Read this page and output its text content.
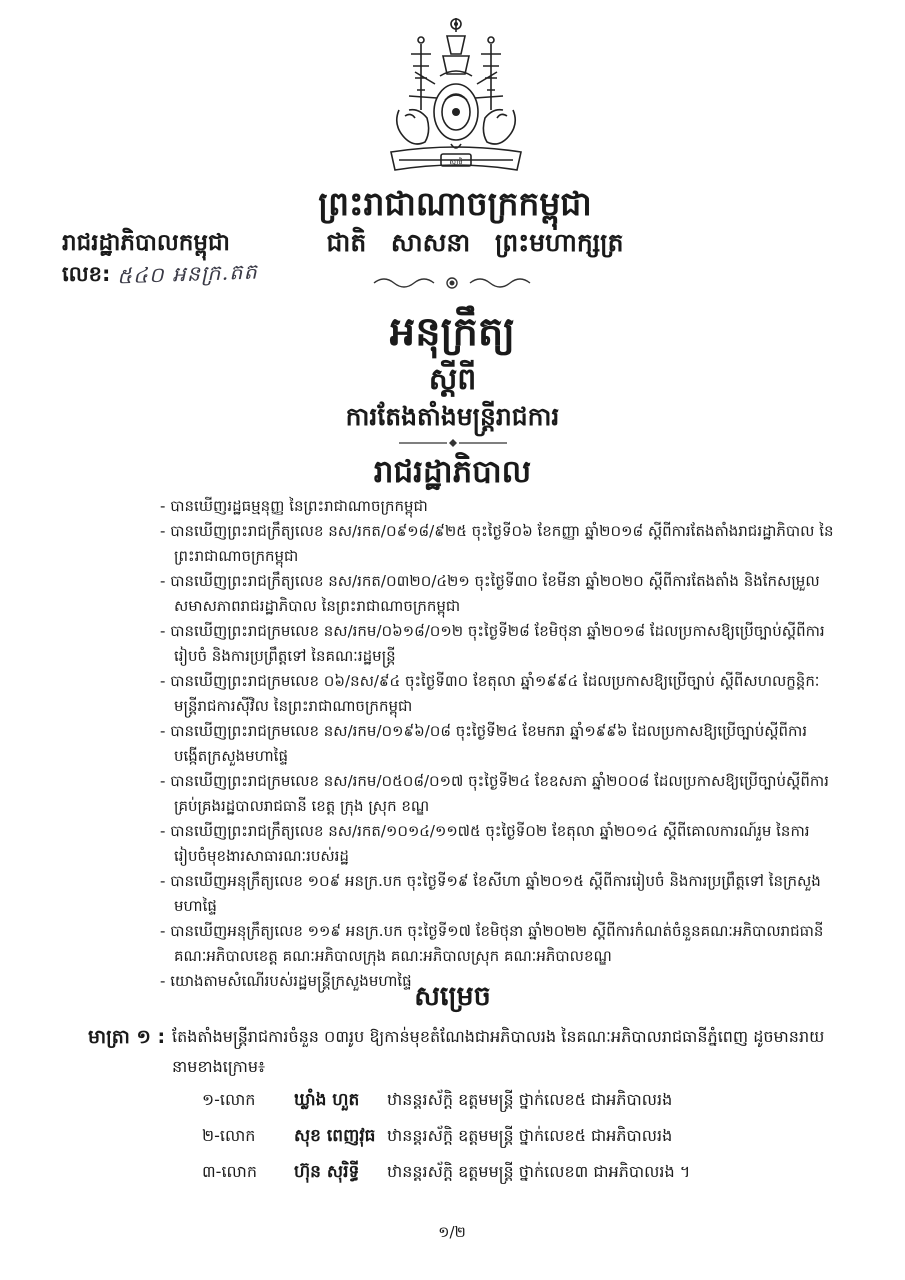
ស្វាមិ
ព្រះរាជាណាចក្រកម្ពុជា
រាជរដ្ឋាភិបាលកម្ពុជា	ជាតិ សាសនា ព្រះមហាក្សត្រ
លេខ: ៥៤០ អនក្រ.តត
អនុក្រឹត្យ
ស្តីពី
ការតែងតាំងមន្ត្រីរាជការ
រាជរដ្ឋាភិបាល
- បានឃើញរដ្ឋធម្មនុញ្ញ នៃព្រះរាជាណាចក្រកម្ពុជា
- បានឃើញព្រះរាជក្រឹត្យលេខ នស/រកត/០៩១៨/៩២៥ ចុះថ្ងៃទី០៦ ខែកញ្ញា ឆ្នាំ២០១៨ ស្តីពីការតែងតាំងរាជរដ្ឋាភិបាល នៃព្រះរាជាណាចក្រកម្ពុជា
- បានឃើញព្រះរាជក្រឹត្យលេខ នស/រកត/០៣២០/៤២១ ចុះថ្ងៃទី៣០ ខែមីនា ឆ្នាំ២០២០ ស្តីពីការតែងតាំង និងកែសម្រួលសមាសភាពរាជរដ្ឋាភិបាល នៃព្រះរាជាណាចក្រកម្ពុជា
- បានឃើញព្រះរាជក្រមលេខ នស/រកម/០៦១៨/០១២ ចុះថ្ងៃទី២៨ ខែមិថុនា ឆ្នាំ២០១៨ ដែលប្រកាសឱ្យប្រើច្បាប់ស្តីពីការរៀបចំ និងការប្រព្រឹត្តទៅ នៃគណៈរដ្ឋមន្ត្រី
- បានឃើញព្រះរាជក្រមលេខ ០៦/នស/៩៤ ចុះថ្ងៃទី៣០ ខែតុលា ឆ្នាំ១៩៩៤ ដែលប្រកាសឱ្យប្រើច្បាប់ ស្តីពីសហលក្ខន្តិកៈមន្ត្រីរាជការស៊ីវិល នៃព្រះរាជាណាចក្រកម្ពុជា
- បានឃើញព្រះរាជក្រមលេខ នស/រកម/០១៩៦/០៨ ចុះថ្ងៃទី២៤ ខែមករា ឆ្នាំ១៩៩៦ ដែលប្រកាសឱ្យប្រើច្បាប់ស្តីពីការបង្កើតក្រសួងមហាផ្ទៃ
- បានឃើញព្រះរាជក្រមលេខ នស/រកម/០៥០៨/០១៧ ចុះថ្ងៃទី២៤ ខែឧសភា ឆ្នាំ២០០៨ ដែលប្រកាសឱ្យប្រើច្បាប់ស្តីពីការគ្រប់គ្រងរដ្ឋបាលរាជធានី ខេត្ត ក្រុង ស្រុក ខណ្ឌ
- បានឃើញព្រះរាជក្រឹត្យលេខ នស/រកត/១០១៤/១១៧៥ ចុះថ្ងៃទី០២ ខែតុលា ឆ្នាំ២០១៤ ស្តីពីគោលការណ៍រួម នៃការរៀបចំមុខងារសាធារណៈរបស់រដ្ឋ
- បានឃើញអនុក្រឹត្យលេខ ១០៩ អនក្រ.បក ចុះថ្ងៃទី១៩ ខែសីហា ឆ្នាំ២០១៥ ស្តីពីការរៀបចំ និងការប្រព្រឹត្តទៅ នៃក្រសួងមហាផ្ទៃ
- បានឃើញអនុក្រឹត្យលេខ ១១៩ អនក្រ.បក ចុះថ្ងៃទី១៧ ខែមិថុនា ឆ្នាំ២០២២ ស្តីពីការកំណត់ចំនួនគណៈអភិបាលរាជធានី គណៈអភិបាលខេត្ត គណៈអភិបាលក្រុង គណៈអភិបាលស្រុក គណៈអភិបាលខណ្ឌ
- យោងតាមសំណើរបស់រដ្ឋមន្ត្រីក្រសួងមហាផ្ទៃ សម្រេច
មាត្រា ១ : តែងតាំងមន្ត្រីរាជការចំនួន ០៣រូប ឱ្យកាន់មុខតំណែងជាអភិបាលរង នៃគណៈអភិបាលរាជធានីភ្នំពេញ ដូចមានរាយនាមខាងក្រោម៖
១-លោក ឃ្លាំង ហួត ឋានន្តរស័ក្តិ ឧត្តមមន្ត្រី ថ្នាក់លេខ៥ ជាអភិបាលរង
២-លោក សុខ ពេញវុធ ឋានន្តរស័ក្តិ ឧត្តមមន្ត្រី ថ្នាក់លេខ៥ ជាអភិបាលរង
៣-លោក ហ៊ុន សុរិទ្ធី ឋានន្តរស័ក្តិ ឧត្តមមន្ត្រី ថ្នាក់លេខ៣ ជាអភិបាលរង ។
១/២
